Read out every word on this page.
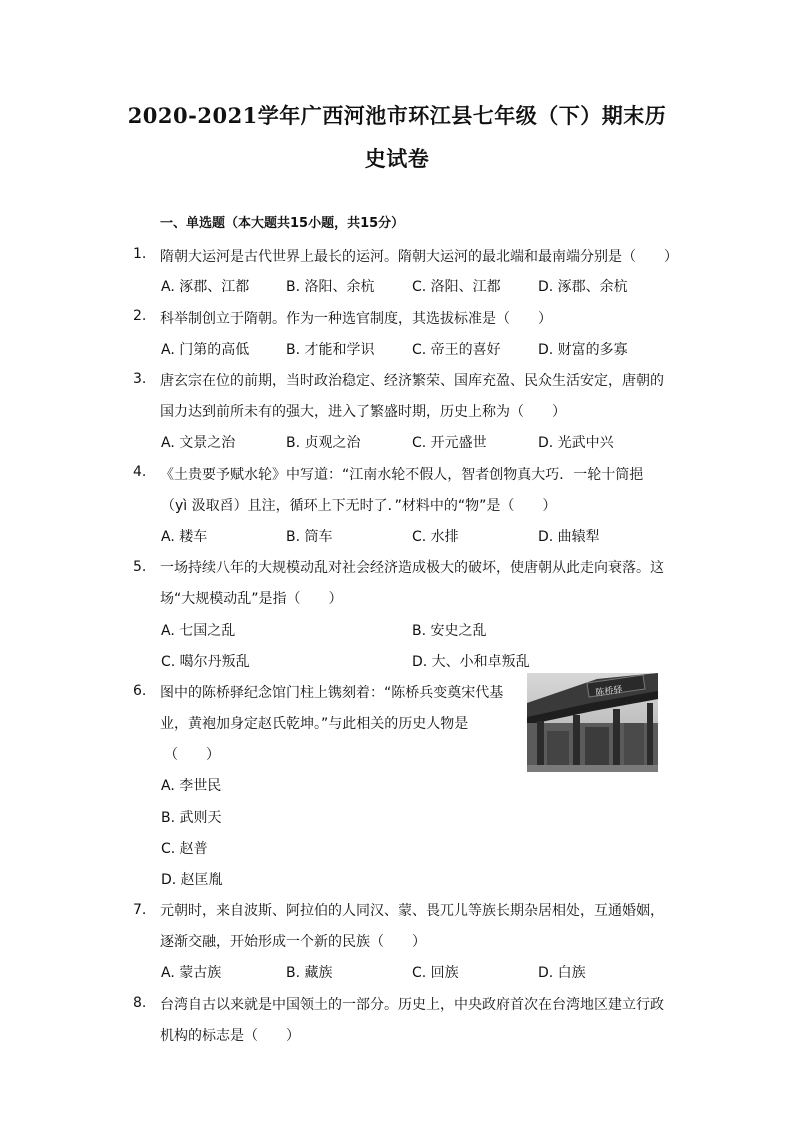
2020-2021学年广西河池市环江县七年级（下）期末历
史试卷
一、单选题（本大题共15小题，共15分）
1. 隋朝大运河是古代世界上最长的运河。隋朝大运河的最北端和最南端分别是（　　）
A. 涿郡、江都	B. 洛阳、余杭	C. 洛阳、江都	D. 涿郡、余杭
2. 科举制创立于隋朝。作为一种选官制度，其选拔标准是（　　）
A. 门第的高低	B. 才能和学识	C. 帝王的喜好	D. 财富的多寡
3. 唐玄宗在位的前期，当时政治稳定、经济繁荣、国库充盈、民众生活安定，唐朝的
国力达到前所未有的强大，进入了繁盛时期，历史上称为（　　）
A. 文景之治	B. 贞观之治	C. 开元盛世	D. 光武中兴
4. 《土贵要予赋水轮》中写道：“江南水轮不假人，智者创物真大巧．一轮十筒挹
（yì 汲取舀）且注，循环上下无时了．”材料中的“物”是（　　）
A. 耧车	B. 筒车	C. 水排	D. 曲辕犁
5. 一场持续八年的大规模动乱对社会经济造成极大的破坏，使唐朝从此走向衰落。这
场“大规模动乱”是指（　　）
A. 七国之乱	B. 安史之乱
C. 噶尔丹叛乱	D. 大、小和卓叛乱
6. 图中的陈桥驿纪念馆门柱上镌刻着：“陈桥兵变奠宋代基
业，黄袍加身定赵氏乾坤。”与此相关的历史人物是
（　　）
A. 李世民
B. 武则天
C. 赵普
D. 赵匡胤
陈桥驿
7. 元朝时，来自波斯、阿拉伯的人同汉、蒙、畏兀儿等族长期杂居相处，互通婚姻，
逐渐交融，开始形成一个新的民族（　　）
A. 蒙古族	B. 藏族	C. 回族	D. 白族
8. 台湾自古以来就是中国领土的一部分。历史上，中央政府首次在台湾地区建立行政
机构的标志是（　　）
